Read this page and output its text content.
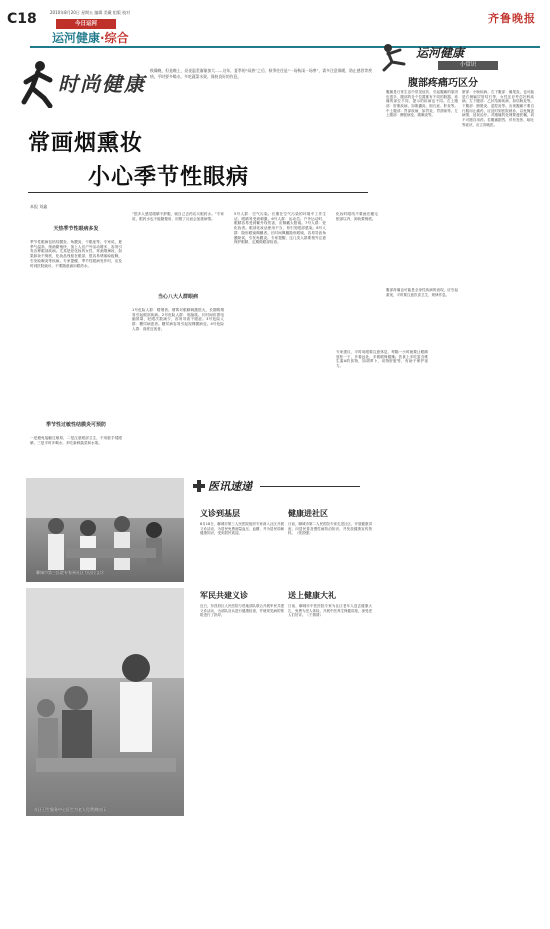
C18	2010年8月20日 星期五 编辑 美戴 组版 校对	齐鲁晚报
今日运河
运河健康·综合
时尚健康
秋燥晚，但是晚上，昼夜温差渐渐加大……这年，夏季的“闷热”之后，秋季往往是“一场秋雨一场寒”，需多注意保暖，防止感冒等疾病，平时要多喝水，多吃蔬菜水果，保持良好的作息。
运河健康
小常识
腹部疼痛巧区分
腹痛是日常生活中常见症状，引起腹痛的原因也很多，腹部的各个位置都有不同的脏器，疼痛的部位不同，提示的疾病也不同。右上腹部：肝胆疾病，如胆囊炎、胆石症、肝炎等。中上腹部：胃部疾病，如胃炎、胃溃疡等。左上腹部：脾脏病变、胰腺炎等。
脐部：小肠疾病。右下腹部：阑尾炎，也可能是右侧输尿管结石等，女性还应考虑妇科疾病。左下腹部：乙状结肠疾病，如结肠炎等。下腹部：膀胱炎、盆腔炎等。出现腹痛不要自行服用止痛药，应及时到医院就诊，以免掩盖病情，延误治疗。对腹痛的处理要遵医嘱，切不可擅自用药。若腹痛剧烈，伴有发热、呕吐等症状，应立即就医。
腹部疼痛也可能是全身性疾病的表现，应引起重视，平时要注意饮食卫生，规律作息。
常画烟熏妆
小心季节性眼病
本报 刘鑫
天热季节性眼病多发
季节性眼病包括结膜炎、角膜炎、干眼症等。专家说，夏季气温高，细菌繁殖快，加上人们户外活动增多，容易引发各种眼部疾病。尤其是爱化妆的女性，常画烟熏妆，如果卸妆不彻底，化妆品残留在眼部，很容易堵塞睑板腺，引发睑腺炎等疾病。专家提醒，季节性眼病发作时，应及时到医院就诊，不要随意滴用眼药水。
季节性过敏性结膜炎可预防
一是避免接触过敏原，二是注意眼部卫生，不用脏手揉眼睛，三是平时多喝水，多吃新鲜蔬菜和水果。
“很多人感觉眼睛不舒服，就自己去药店买眼药水。”专家说，眼药水也不能随便用，用错了反而会加重病情。
当心八大人群眼病
1号危险人群：嗜烟者。烟雾对眼睛刺激很大，长期吸烟易引起眼部疾病。2号危险人群：电脑族。长时间盯着电脑屏幕，眨眼次数减少，容易导致干眼症。3号危险人群：糖尿病患者。糖尿病容易引起视网膜病变。4号危险人群：高度近视者。
5号人群：空气污染。长期在空气污染的环境中工作生活，眼睛易受到刺激。6号人群：运动员。户外运动时，眼睛容易受到紫外线伤害，应佩戴太阳镜。7号人群：爱化妆者。眼部化妆品使用不当，易引发眼部感染。8号人群：隐形眼镜佩戴者。长时间佩戴隐形眼镜，容易导致角膜缺氧，引发角膜炎。专家提醒，这几类人群要格外注意保护眼睛，定期做眼部检查。
专家建议，平时用眼要注意休息，每隔一小时就要让眼睛放松一下，多看远处，多做眼保健操。饮食上多吃富含维生素A的食物，如胡萝卜、动物肝脏等，有助于保护视力。
化妆时眼线不要画在睫毛根部以内，卸妆要彻底。
聊城市第三医院专家到社区为居民义诊
社区卫生服务中心医生为老人免费测血压
医讯速递
义诊到基层	健康进社区
8月18日，聊城市第三人民医院组织专家深入社区开展义诊活动，为居民免费测量血压、血糖，并为居民讲解健康知识，受到居民欢迎。
日前，聊城市第二人民医院专家走进社区，开展健康讲座，向居民普及慢性病防治知识，并发放健康宣传资料。（张国强）
军民共建义诊	送上健康大礼
近日，东昌府区人民医院与驻地部队联合开展军民共建义诊活动，为部队官兵进行健康检查，并就常见病的预防进行了指导。
日前，聊城市中医医院专家为社区老年人送去健康大礼，免费为老人体检，开展中医养生保健讲座，深受老人们好评。（于倩倩）
